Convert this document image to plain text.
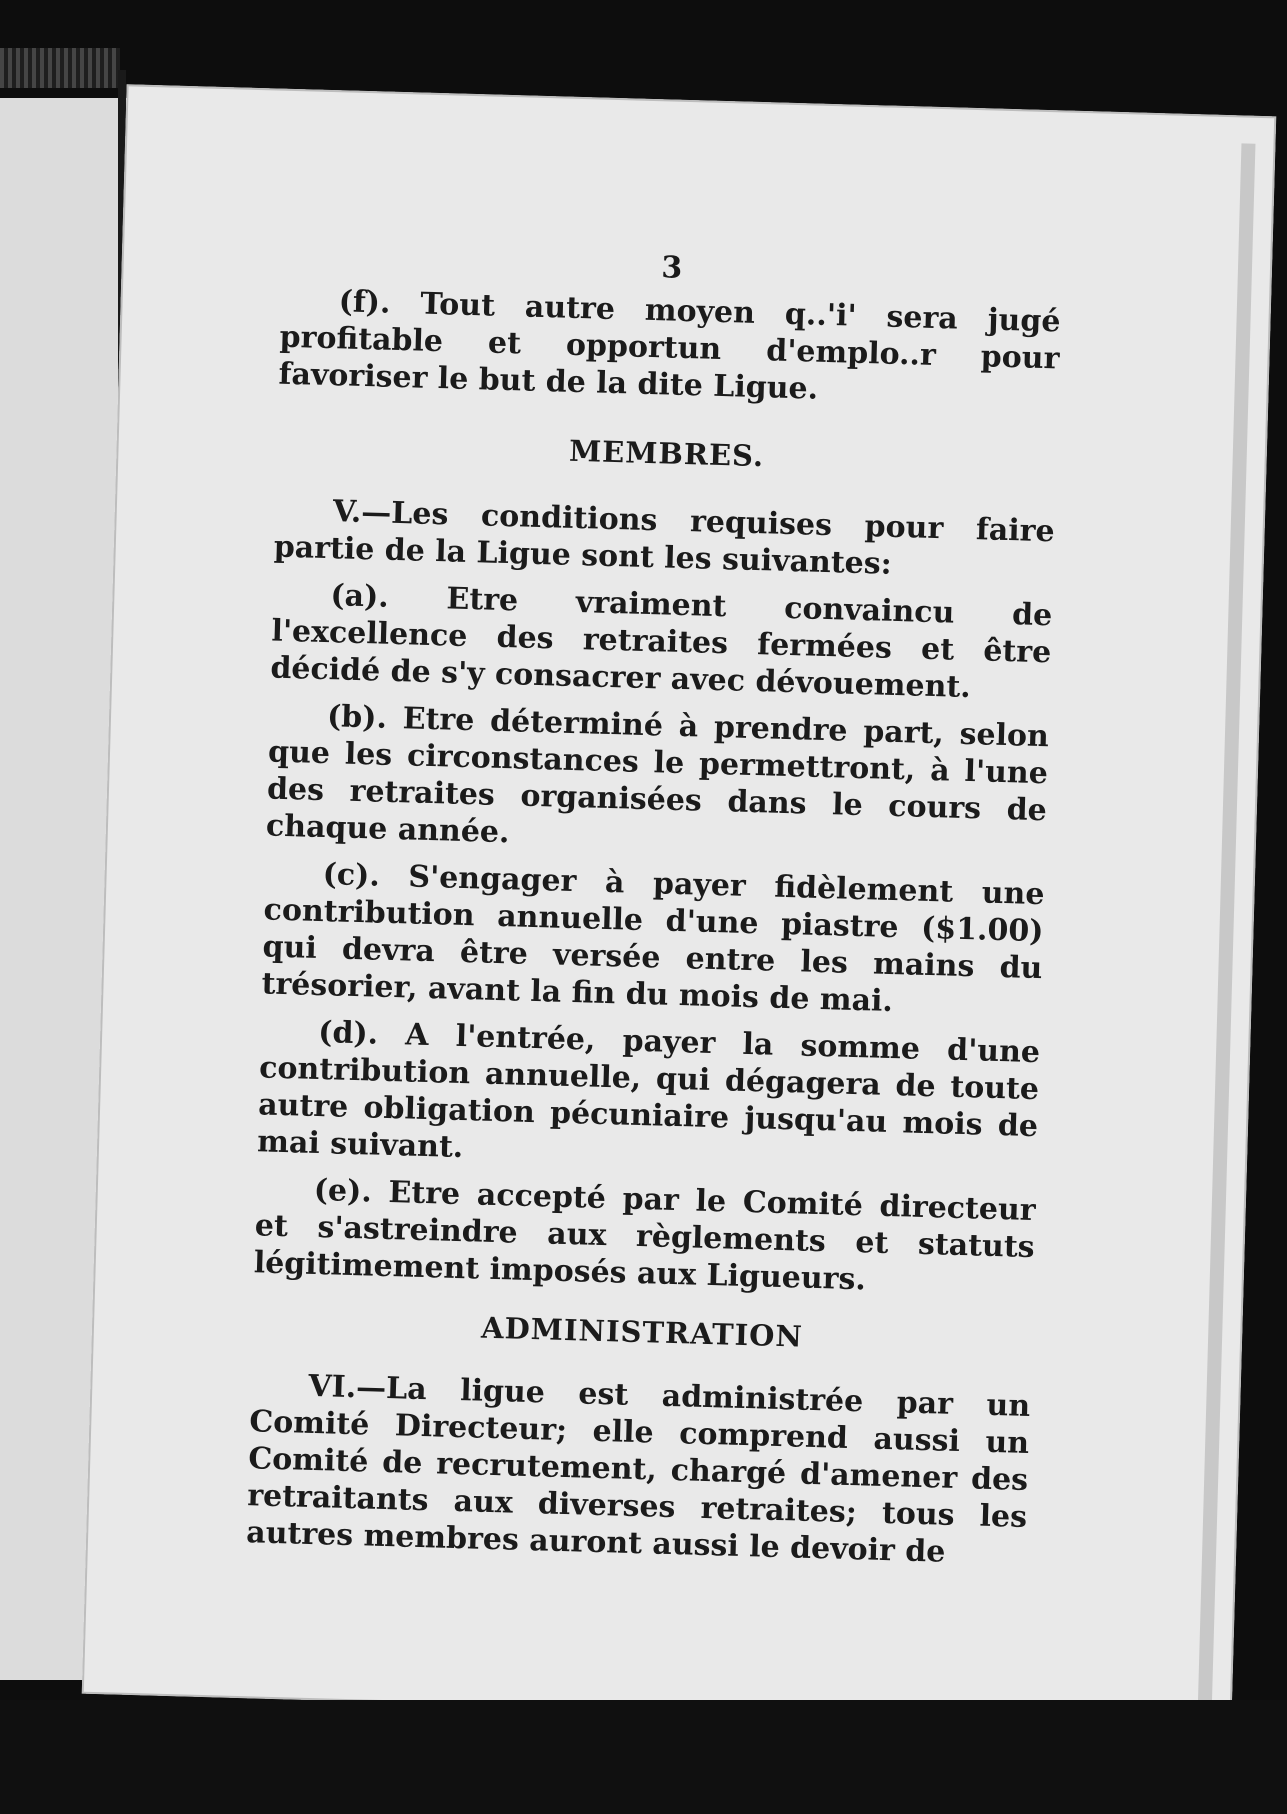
3

(f). Tout autre moyen q..'i' sera jugé profitable et opportun d'emplo..r pour favoriser le but de la dite Ligue.

MEMBRES.

V.—Les conditions requises pour faire partie de la Ligue sont les suivantes:

(a). Etre vraiment convaincu de l'excellence des retraites fermées et être décidé de s'y consacrer avec dévouement.

(b). Etre déterminé à prendre part, selon que les circonstances le permettront, à l'une des retraites organisées dans le cours de chaque année.

(c). S'engager à payer fidèlement une contribution annuelle d'une piastre ($1.00) qui devra être versée entre les mains du trésorier, avant la fin du mois de mai.

(d). A l'entrée, payer la somme d'une contribution annuelle, qui dégagera de toute autre obligation pécuniaire jusqu'au mois de mai suivant.

(e). Etre accepté par le Comité directeur et s'astreindre aux règlements et statuts légitimement imposés aux Ligueurs.

ADMINISTRATION

VI.—La ligue est administrée par un Comité Directeur; elle comprend aussi un Comité de recrutement, chargé d'amener des retraitants aux diverses retraites; tous les autres membres auront aussi le devoir de
